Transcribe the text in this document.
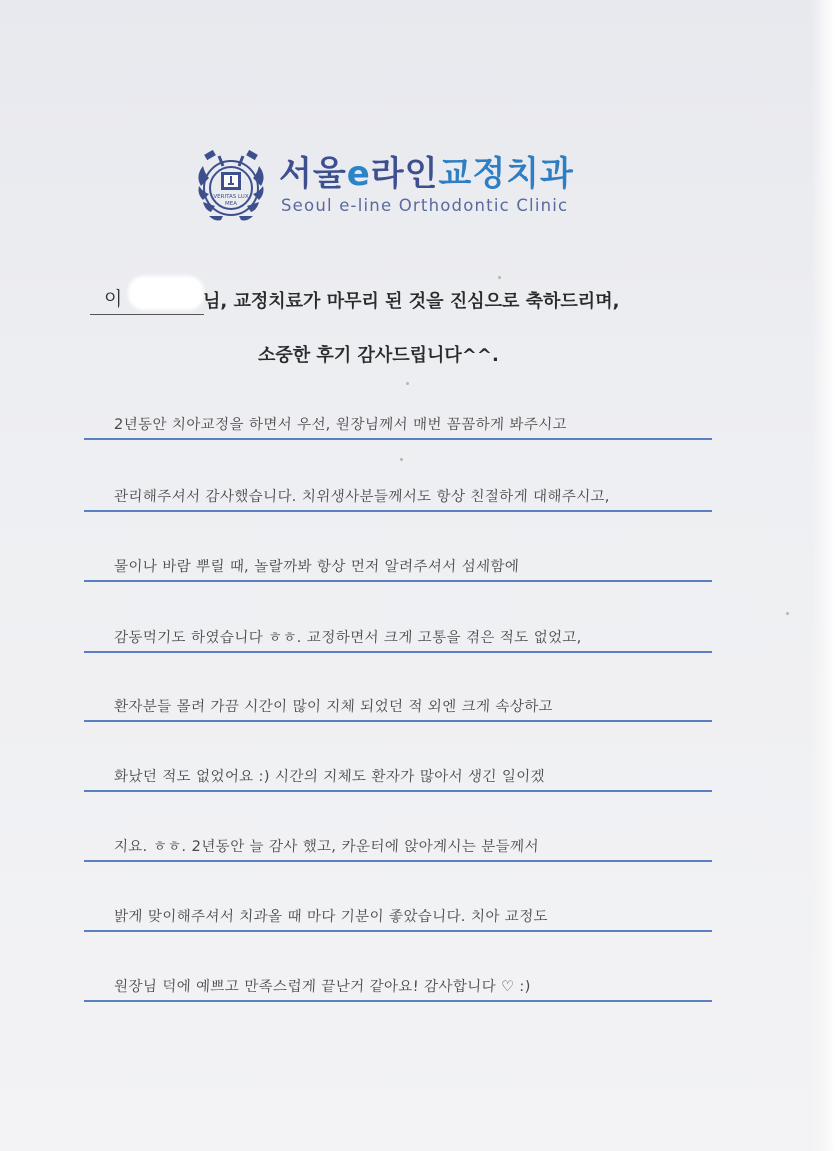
VERITAS LUX
MEA
서울e라인교정치과
Seoul e-line Orthodontic Clinic
이	님, 교정치료가 마무리 된 것을 진심으로 축하드리며,
소중한 후기 감사드립니다^^.
2년동안 치아교정을 하면서 우선, 원장님께서 매번 꼼꼼하게 봐주시고
관리해주셔서 감사했습니다. 치위생사분들께서도 항상 친절하게 대해주시고,
물이나 바람 뿌릴 때, 놀랄까봐 항상 먼저 알려주셔서 섬세함에
감동먹기도 하였습니다 ㅎㅎ. 교정하면서 크게 고통을 겪은 적도 없었고,
환자분들 몰려 가끔 시간이 많이 지체 되었던 적 외엔 크게 속상하고
화났던 적도 없었어요 :) 시간의 지체도 환자가 많아서 생긴 일이겠
지요. ㅎㅎ. 2년동안 늘 감사 했고, 카운터에 앉아계시는 분들께서
밝게 맞이해주셔서 치과올 때 마다 기분이 좋았습니다. 치아 교정도
원장님 덕에 예쁘고 만족스럽게 끝난거 같아요! 감사합니다 ♡ :)
